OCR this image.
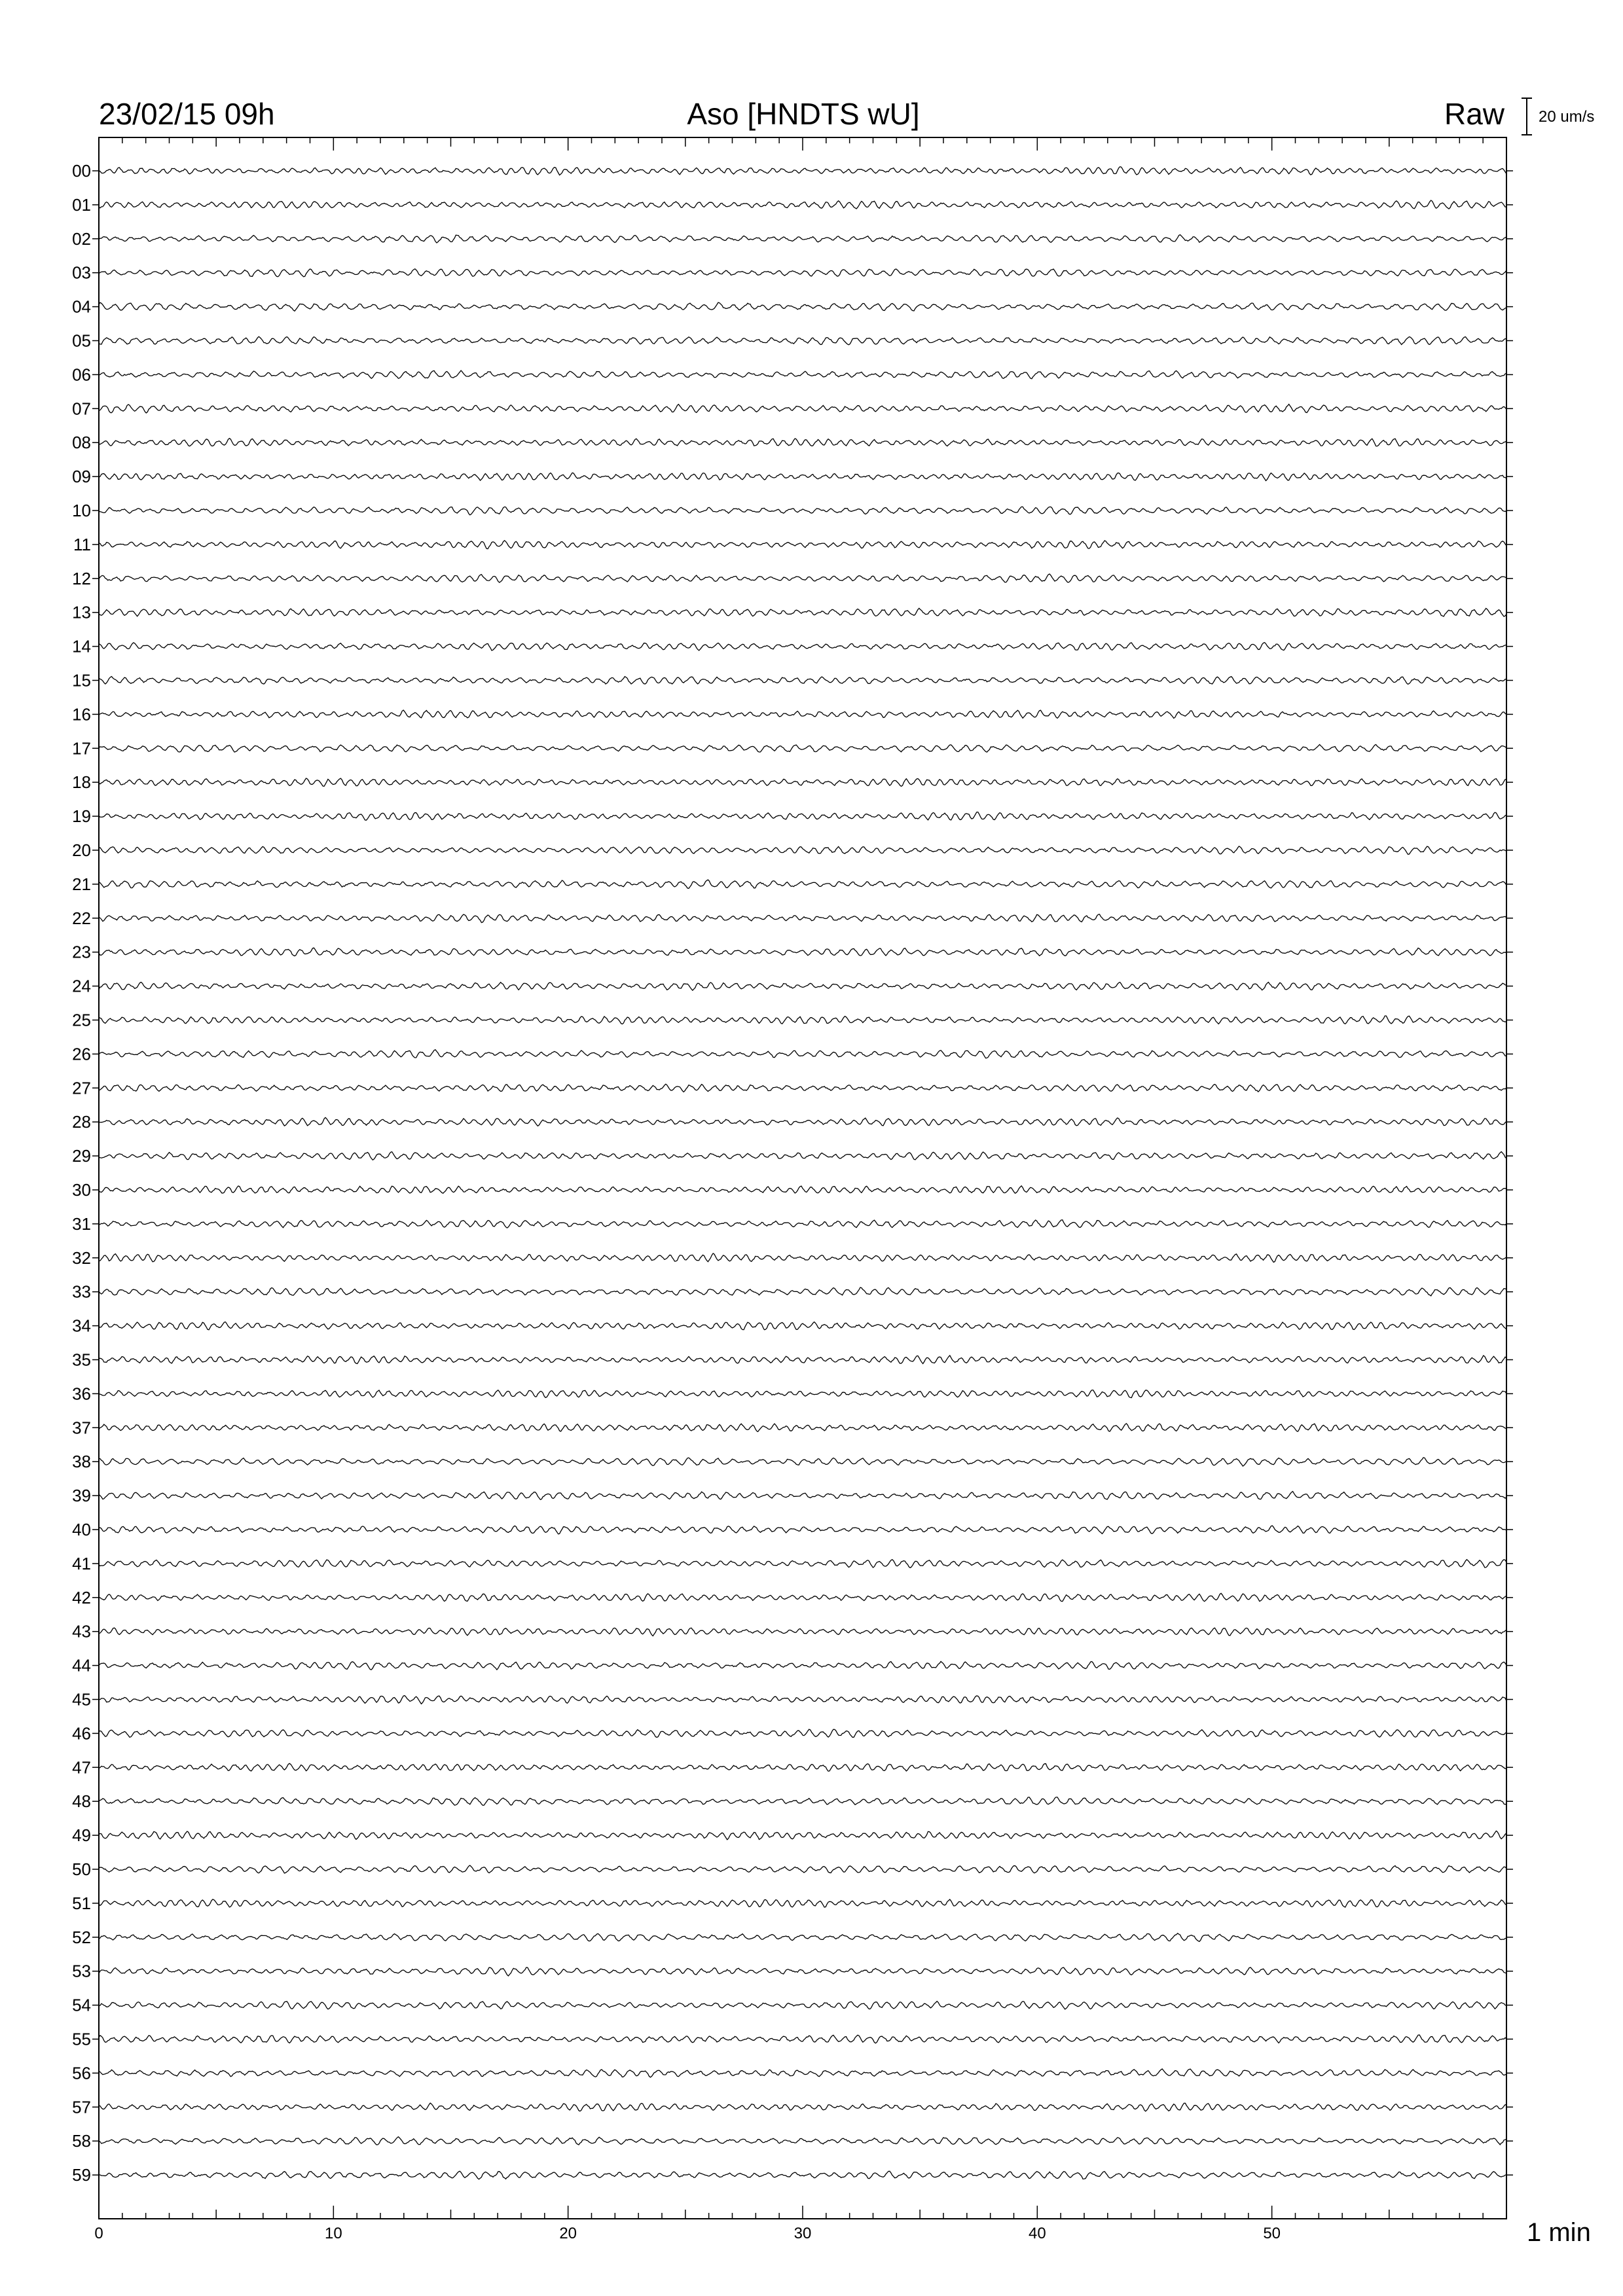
00
01
02
03
04
05
06
07
08
09
10
11
12
13
14
15
16
17
18
19
20
21
22
23
24
25
26
27
28
29
30
31
32
33
34
35
36
37
38
39
40
41
42
43
44
45
46
47
48
49
50
51
52
53
54
55
56
57
58
59
0	10	20	30	40	50
23/02/15 09h	Aso [HNDTS wU]	Raw 20 um/s
1 min
